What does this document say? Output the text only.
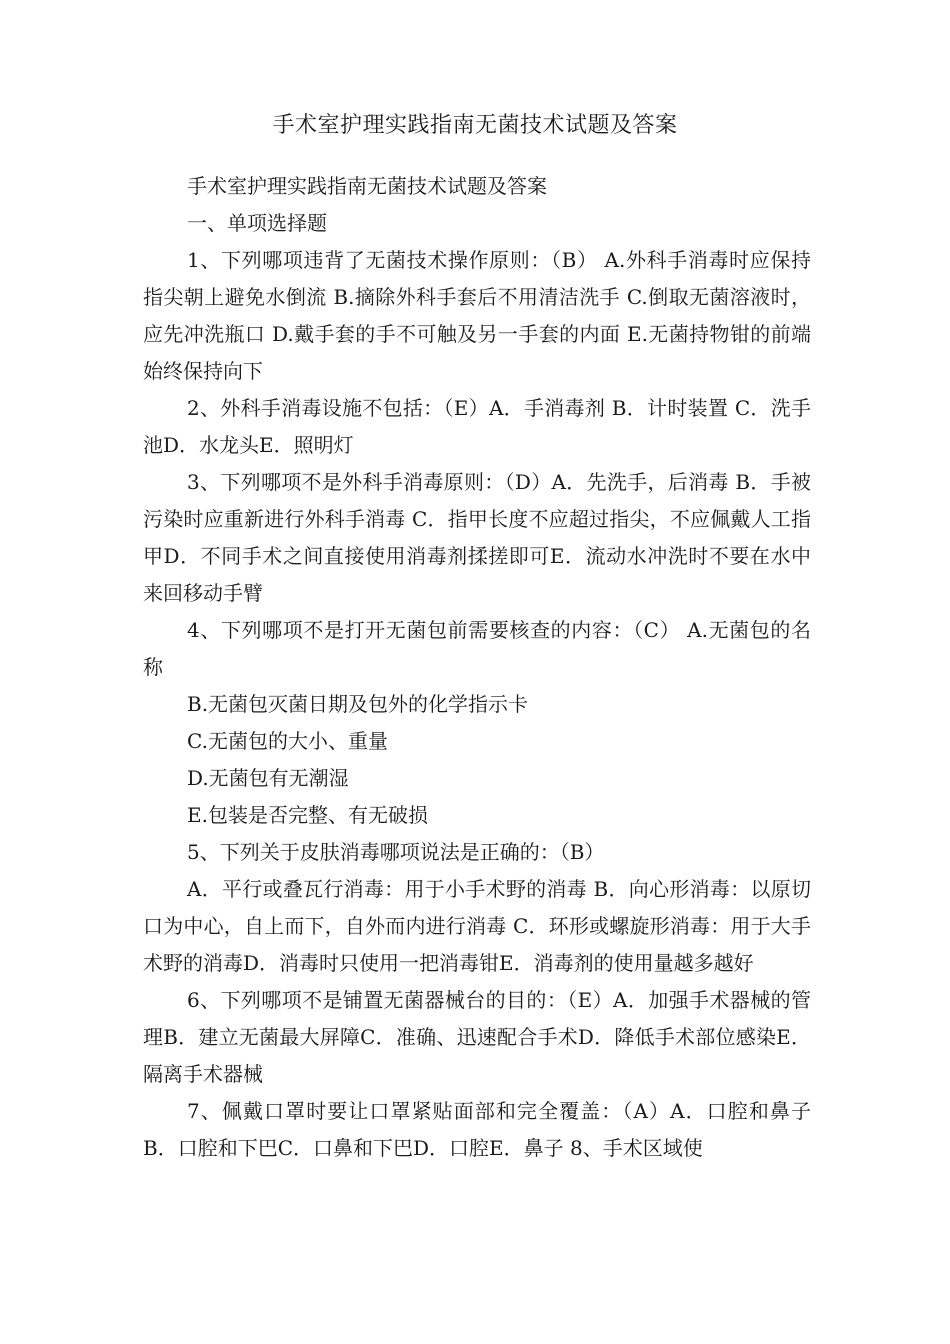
手术室护理实践指南无菌技术试题及答案

手术室护理实践指南无菌技术试题及答案

一、单项选择题

1、下列哪项违背了无菌技术操作原则：（B） A.外科手消毒时应保持指尖朝上避免水倒流 B.摘除外科手套后不用清洁洗手 C.倒取无菌溶液时，应先冲洗瓶口 D.戴手套的手不可触及另一手套的内面 E.无菌持物钳的前端始终保持向下

2、外科手消毒设施不包括：（E）A．手消毒剂 B．计时装置 C．洗手池D．水龙头E．照明灯

3、下列哪项不是外科手消毒原则：（D）A．先洗手，后消毒 B．手被污染时应重新进行外科手消毒 C．指甲长度不应超过指尖，不应佩戴人工指甲D．不同手术之间直接使用消毒剂揉搓即可E．流动水冲洗时不要在水中来回移动手臂

4、下列哪项不是打开无菌包前需要核查的内容：（C） A.无菌包的名称

B.无菌包灭菌日期及包外的化学指示卡

C.无菌包的大小、重量

D.无菌包有无潮湿

E.包装是否完整、有无破损

5、下列关于皮肤消毒哪项说法是正确的：（B）

A．平行或叠瓦行消毒：用于小手术野的消毒 B．向心形消毒：以原切口为中心，自上而下，自外而内进行消毒 C．环形或螺旋形消毒：用于大手术野的消毒D．消毒时只使用一把消毒钳E．消毒剂的使用量越多越好

6、下列哪项不是铺置无菌器械台的目的：（E）A．加强手术器械的管理B．建立无菌最大屏障C．准确、迅速配合手术D．降低手术部位感染E．隔离手术器械

7、佩戴口罩时要让口罩紧贴面部和完全覆盖：（A）A．口腔和鼻子B．口腔和下巴C．口鼻和下巴D．口腔E．鼻子 8、手术区域使
